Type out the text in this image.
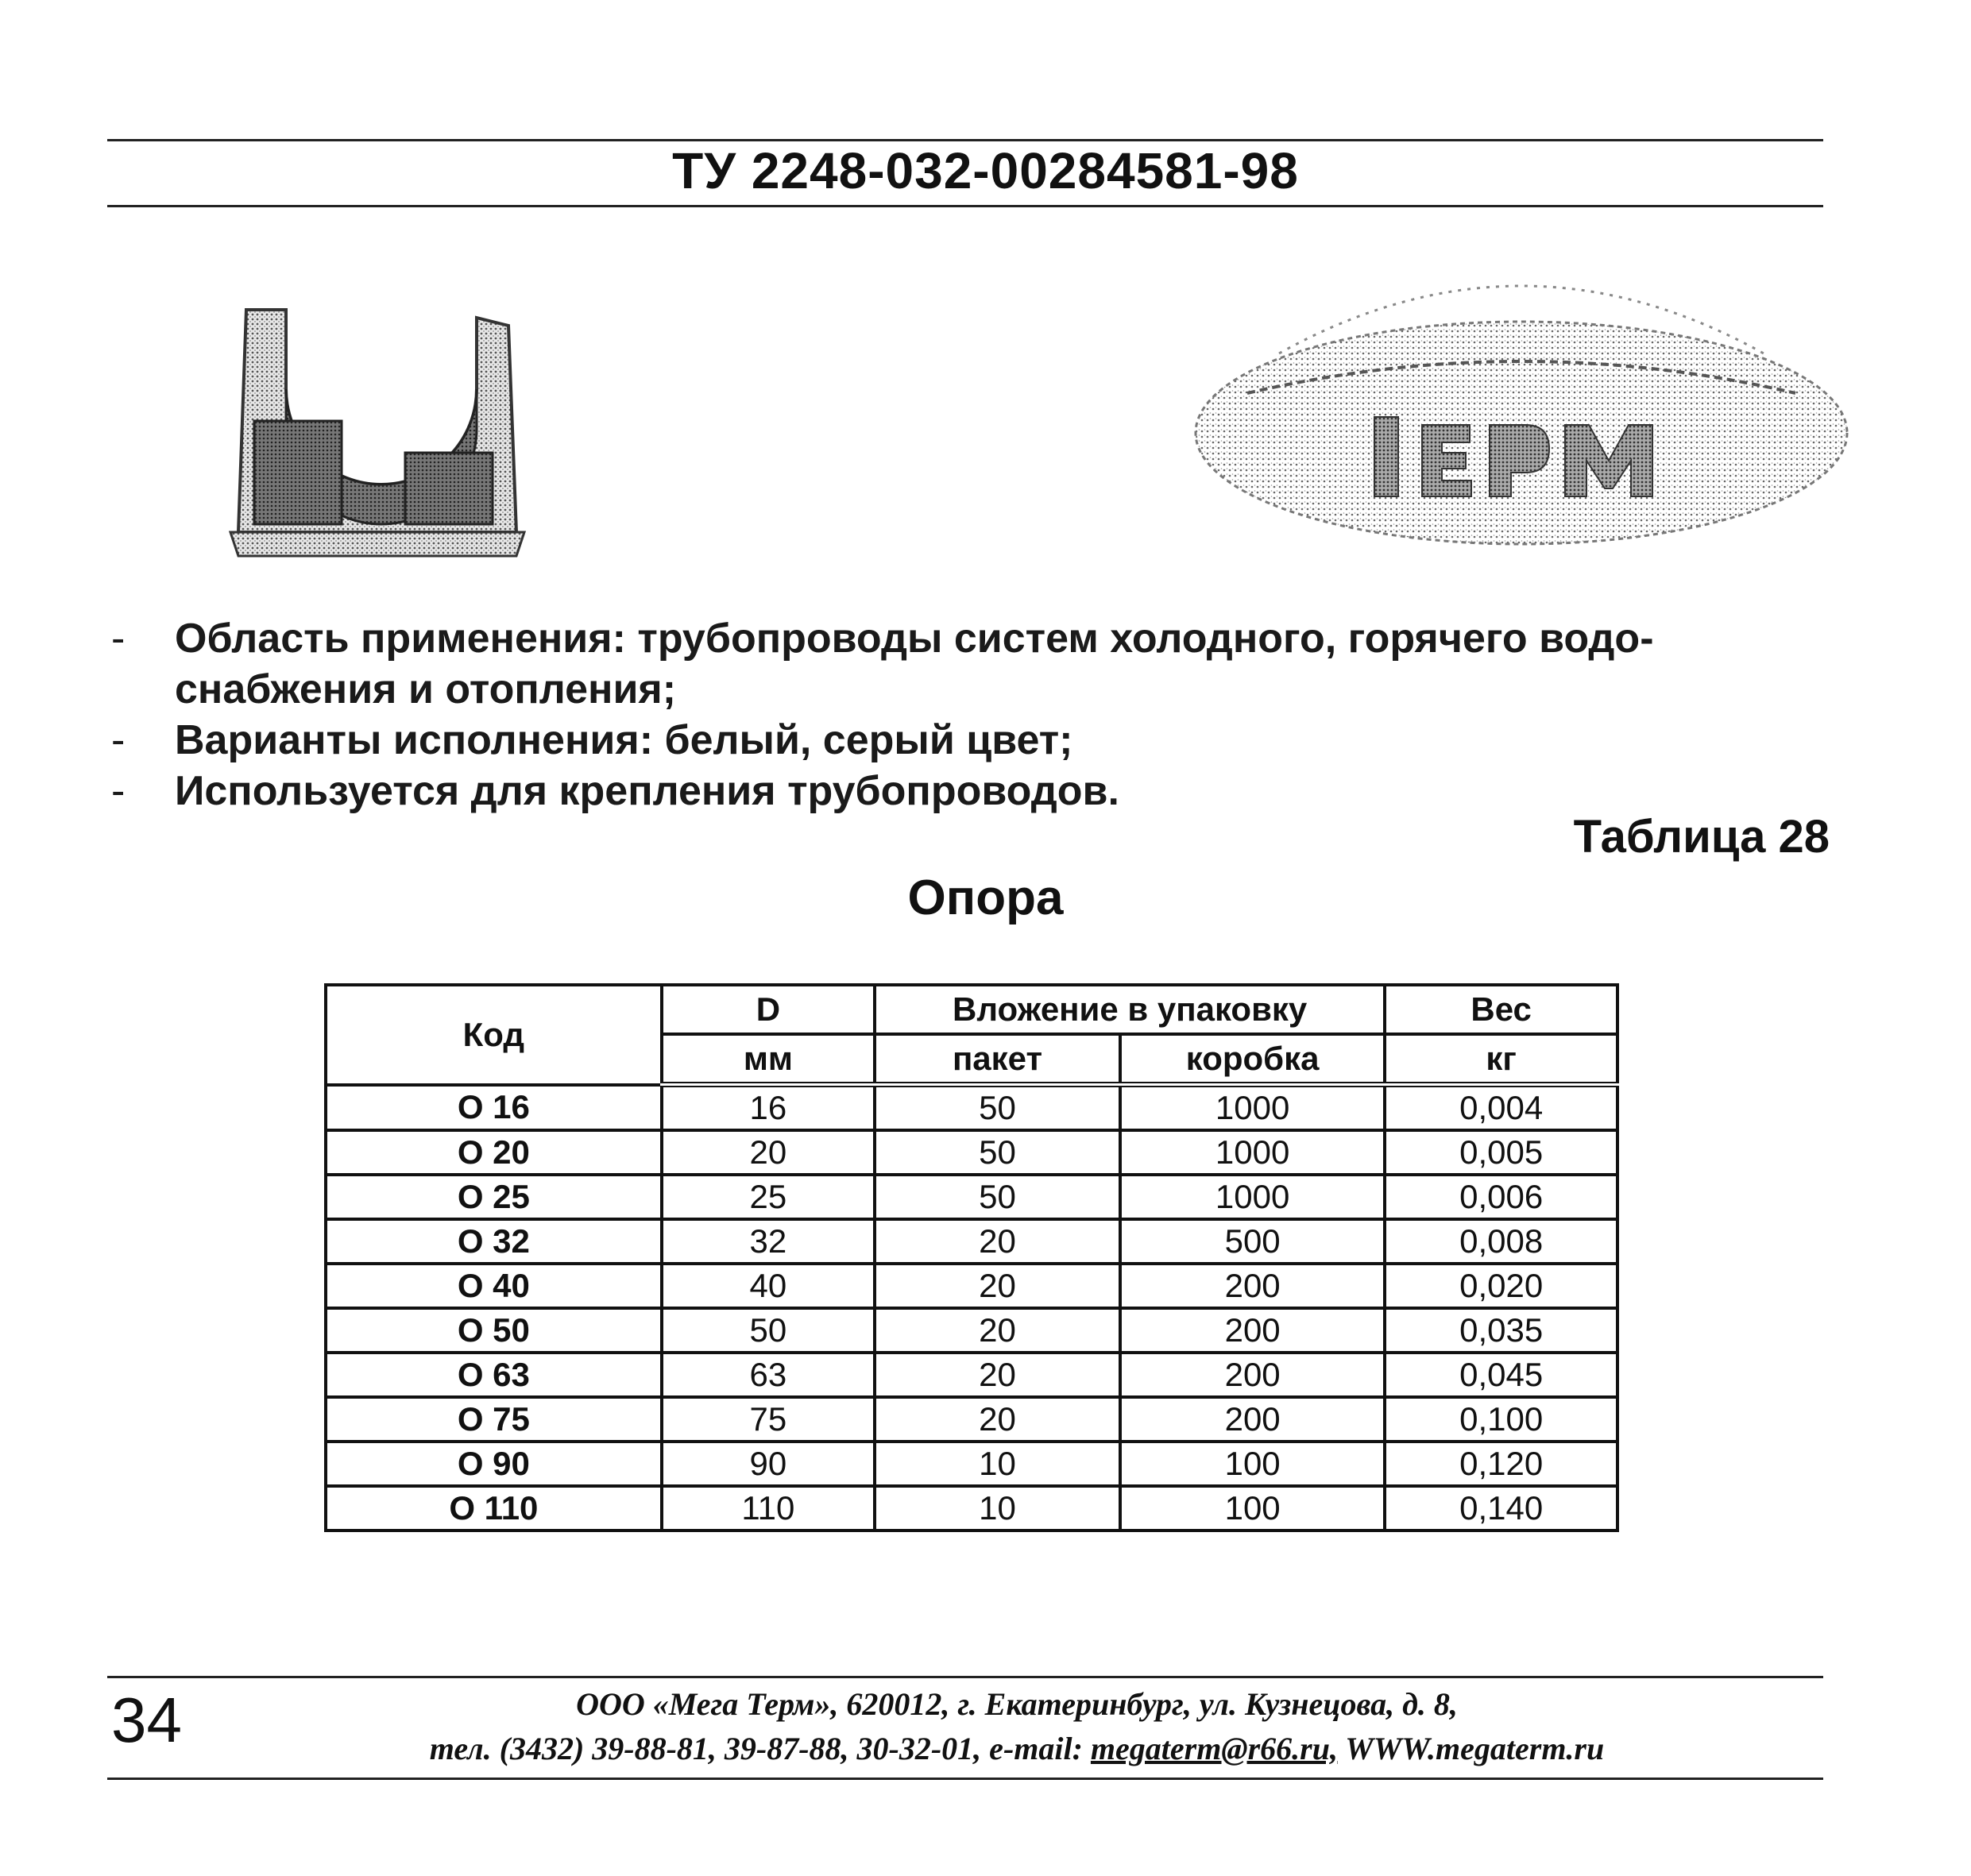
ТУ 2248-032-00284581-98
- Область применения: трубопроводы систем холодного, горячего водо-
снабжения и отопления;
- Варианты исполнения: белый, серый цвет;
- Используется для крепления трубопроводов.
Таблица 28
Опора
Код	D	Вложение в упаковку		Вес
	мм	пакет	коробка	кг
О 16	16	50	1000	0,004
О 20	20	50	1000	0,005
О 25	25	50	1000	0,006
О 32	32	20	500	0,008
О 40	40	20	200	0,020
О 50	50	20	200	0,035
О 63	63	20	200	0,045
О 75	75	20	200	0,100
О 90	90	10	100	0,120
О 110	110	10	100	0,140
34	ООО «Мега Терм», 620012, г. Екатеринбург, ул. Кузнецова, д. 8,
тел. (3432) 39-88-81, 39-87-88, 30-32-01, e-mail: megaterm@r66.ru, WWW.megaterm.ru
